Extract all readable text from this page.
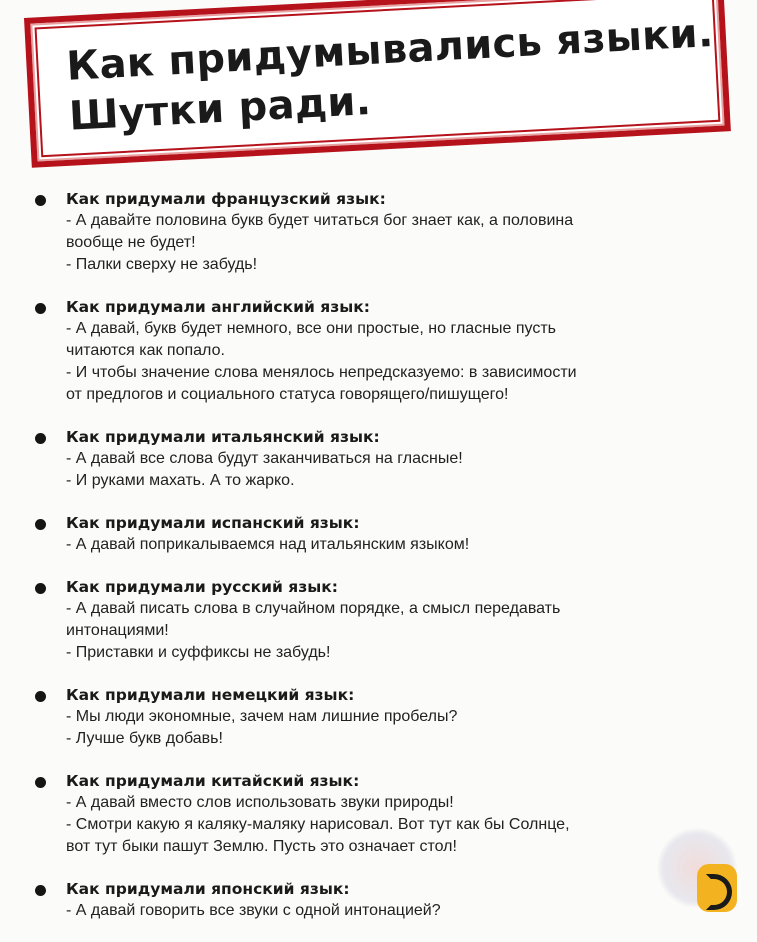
Как придумывались языки.
Шутки ради.

Как придумали французский язык:

- А давайте половина букв будет читаться бог знает как, а половина

вообще не будет!

- Палки сверху не забудь!

Как придумали английский язык:

- А давай, букв будет немного, все они простые, но гласные пусть

читаются как попало.

- И чтобы значение слова менялось непредсказуемо: в зависимости

от предлогов и социального статуса говорящего/пишущего!

Как придумали итальянский язык:

- А давай все слова будут заканчиваться на гласные!

- И руками махать. А то жарко.

Как придумали испанский язык:

- А давай поприкалываемся над итальянским языком!

Как придумали русский язык:

- А давай писать слова в случайном порядке, а смысл передавать

интонациями!

- Приставки и суффиксы не забудь!

Как придумали немецкий язык:

- Мы люди экономные, зачем нам лишние пробелы?

- Лучше букв добавь!

Как придумали китайский язык:

- А давай вместо слов использовать звуки природы!

- Смотри какую я каляку-маляку нарисовал. Вот тут как бы Солнце,

вот тут быки пашут Землю. Пусть это означает стол!

Как придумали японский язык:

- А давай говорить все звуки с одной интонацией?
